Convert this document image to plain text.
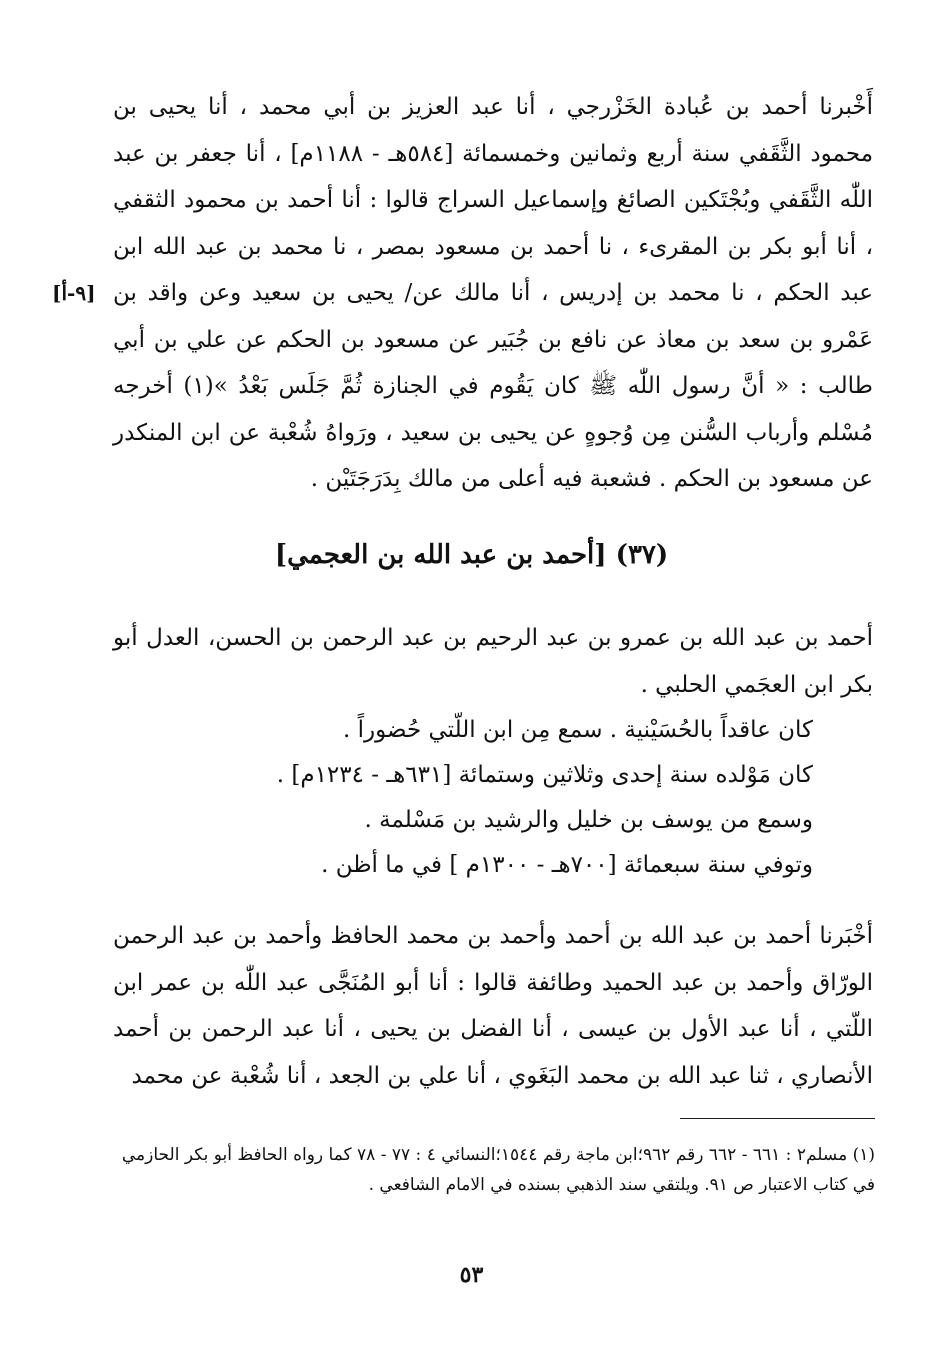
أَخْبرنا أحمد بن عُبادة الخَزْرجي ، أنا عبد العزيز بن أبي محمد ، أنا يحيى بن محمود الثَّقَفي سنة أربع وثمانين وخمسمائة [٥٨٤هـ - ١١٨٨م] ، أنا جعفر بن عبد اللّٰه الثَّقَفي وبُجْتَكين الصائغ وإسماعيل السراج قالوا : أنا أحمد بن محمود الثقفي ، أنا أبو بكر بن المقرىء ، نا أحمد بن مسعود بمصر ، نا محمد بن عبد الله ابن عبد الحكم ، نا محمد بن إدريس ، أنا مالك عن/ يحيى بن سعيد وعن واقد بن عَمْرو بن سعد بن معاذ عن نافع بن جُبَير عن مسعود بن الحكم عن علي بن أبي طالب : « أنَّ رسول اللّٰه ﷺ كان يَقُوم في الجنازة ثُمَّ جَلَس بَعْدُ »(١) أخرجه مُسْلم وأرباب السُّنن مِن وُجوهٍ عن يحيى بن سعيد ، ورَواهُ شُعْبة عن ابن المنكدر عن مسعود بن الحكم . فشعبة فيه أعلى من مالك بِدَرَجَتَيْن .

[٩-أ]
(٣٧) [أحمد بن عبد الله بن العجمي]

أحمد بن عبد الله بن عمرو بن عبد الرحيم بن عبد الرحمن بن الحسن، العدل أبو بكر ابن العجَمي الحلبي .

كان عاقداً بالحُسَيْنية . سمع مِن ابن اللّتي حُضوراً .
كان مَوْلده سنة إحدى وثلاثين وستمائة [٦٣١هـ - ١٢٣٤م] .
وسمع من يوسف بن خليل والرشيد بن مَسْلمة .
وتوفي سنة سبعمائة [٧٠٠هـ - ١٣٠٠م ] في ما أظن .

أخْبَرنا أحمد بن عبد الله بن أحمد وأحمد بن محمد الحافظ وأحمد بن عبد الرحمن الورّاق وأحمد بن عبد الحميد وطائفة قالوا : أنا أبو المُنَجَّى عبد اللّٰه بن عمر ابن اللّتي ، أنا عبد الأول بن عيسى ، أنا الفضل بن يحيى ، أنا عبد الرحمن بن أحمد الأنصاري ، ثنا عبد الله بن محمد البَغَوي ، أنا علي بن الجعد ، أنا شُعْبة عن محمد

(١) مسلم٢ : ٦٦١ - ٦٦٢ رقم ٩٦٢؛ابن ماجة رقم ١٥٤٤؛النسائي ٤ : ٧٧ - ٧٨ كما رواه الحافظ أبو بكر الحازمي في كتاب الاعتبار ص ٩١. ويلتقي سند الذهبي بسنده في الامام الشافعي .

٥٣
